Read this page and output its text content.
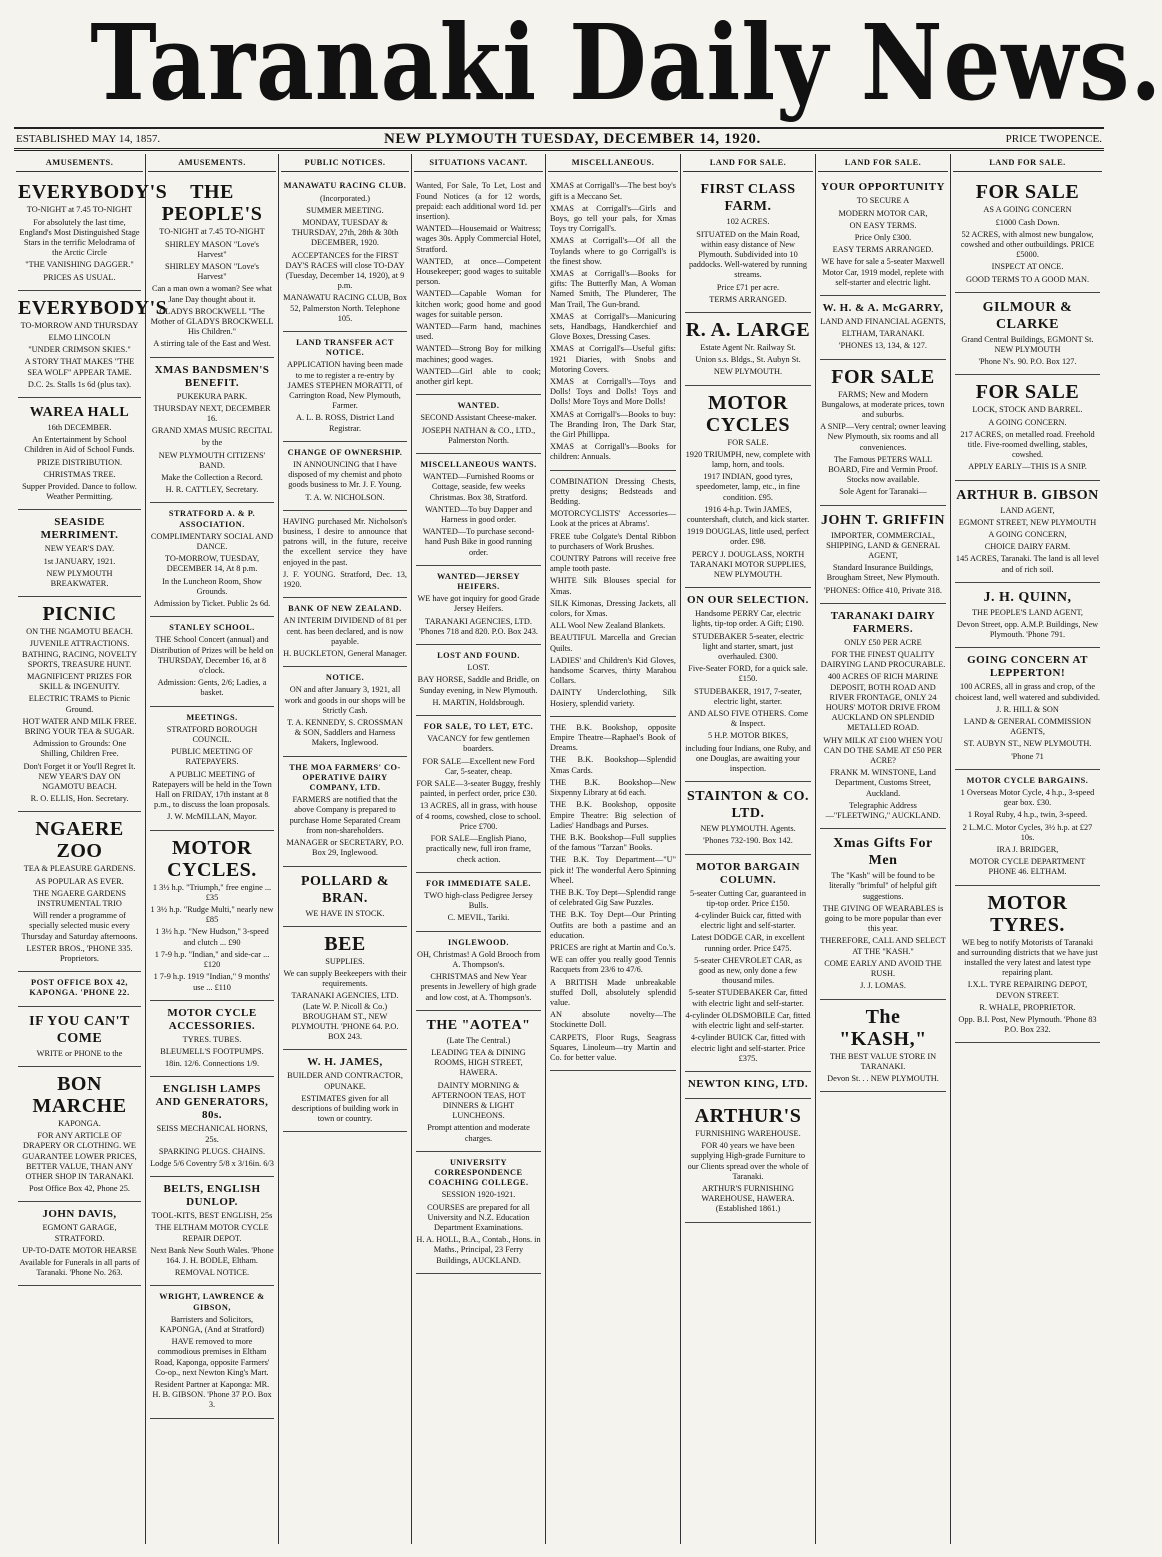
Taranaki Daily News.
ESTABLISHED MAY 14, 1857.	NEW PLYMOUTH TUESDAY, DECEMBER 14, 1920.	PRICE TWOPENCE.
AMUSEMENTS.
EVERYBODY'S

TO-NIGHT at 7.45 TO-NIGHT

For absolutely the last time, England's Most Distinguished Stage Stars in the terrific Melodrama of the Arctic Circle

"THE VANISHING DAGGER."

PRICES AS USUAL.

EVERYBODY'S

TO-MORROW AND THURSDAY

ELMO LINCOLN

"UNDER CRIMSON SKIES."

A STORY THAT MAKES "THE SEA WOLF" APPEAR TAME.

D.C. 2s. Stalls 1s 6d (plus tax).

WAREA HALL

16th DECEMBER.

An Entertainment by School Children in Aid of School Funds.

PRIZE DISTRIBUTION.

CHRISTMAS TREE.

Supper Provided. Dance to follow. Weather Permitting.

SEASIDE MERRIMENT.

NEW YEAR'S DAY.

1st JANUARY, 1921.

NEW PLYMOUTH BREAKWATER.

PICNIC

ON THE NGAMOTU BEACH.

JUVENILE ATTRACTIONS. BATHING, RACING, NOVELTY SPORTS, TREASURE HUNT.

MAGNIFICENT PRIZES FOR SKILL & INGENUITY.

ELECTRIC TRAMS to Picnic Ground.

HOT WATER AND MILK FREE. BRING YOUR TEA & SUGAR.

Admission to Grounds: One Shilling, Children Free.

Don't Forget it or You'll Regret It. NEW YEAR'S DAY ON NGAMOTU BEACH.

R. O. ELLIS, Hon. Secretary.

NGAERE ZOO

TEA & PLEASURE GARDENS.

AS POPULAR AS EVER.

THE NGAERE GARDENS INSTRUMENTAL TRIO

Will render a programme of specially selected music every Thursday and Saturday afternoons.

LESTER BROS., 'PHONE 335. Proprietors.

POST OFFICE BOX 42, KAPONGA. 'PHONE 22.
IF YOU CAN'T COME

WRITE or PHONE to the

BON MARCHE

KAPONGA.

FOR ANY ARTICLE OF DRAPERY OR CLOTHING. WE GUARANTEE LOWER PRICES, BETTER VALUE, THAN ANY OTHER SHOP IN TARANAKI.

Post Office Box 42, Phone 25.

JOHN DAVIS,

EGMONT GARAGE, STRATFORD.

UP-TO-DATE MOTOR HEARSE

Available for Funerals in all parts of Taranaki. 'Phone No. 263.

AMUSEMENTS.
THE PEOPLE'S

TO-NIGHT at 7.45 TO-NIGHT

SHIRLEY MASON "Love's Harvest"

SHIRLEY MASON "Love's Harvest"

Can a man own a woman? See what Jane Day thought about it.

GLADYS BROCKWELL "The Mother of GLADYS BROCKWELL His Children."

A stirring tale of the East and West.

XMAS BANDSMEN'S BENEFIT.

PUKEKURA PARK.

THURSDAY NEXT, DECEMBER 16.

GRAND XMAS MUSIC RECITAL

by the

NEW PLYMOUTH CITIZENS' BAND.

Make the Collection a Record.

H. R. CATTLEY, Secretary.

STRATFORD A. & P. ASSOCIATION.

COMPLIMENTARY SOCIAL AND DANCE.

TO-MORROW, TUESDAY, DECEMBER 14, At 8 p.m.

In the Luncheon Room, Show Grounds.

Admission by Ticket. Public 2s 6d.

STANLEY SCHOOL.

THE School Concert (annual) and Distribution of Prizes will be held on THURSDAY, December 16, at 8 o'clock.

Admission: Gents, 2/6; Ladies, a basket.

MEETINGS.

STRATFORD BOROUGH COUNCIL.

PUBLIC MEETING OF RATEPAYERS.

A PUBLIC MEETING of Ratepayers will be held in the Town Hall on FRIDAY, 17th instant at 8 p.m., to discuss the loan proposals.

J. W. McMILLAN, Mayor.

MOTOR CYCLES.

1 3½ h.p. "Triumph," free engine ... £35

1 3½ h.p. "Rudge Multi," nearly new £85

1 3½ h.p. "New Hudson," 3-speed and clutch ... £90

1 7-9 h.p. "Indian," and side-car ... £120

1 7-9 h.p. 1919 "Indian," 9 months' use ... £110

MOTOR CYCLE ACCESSORIES.

TYRES. TUBES.

BLEUMELL'S FOOTPUMPS.

18in. 12/6. Connections 1/9.

ENGLISH LAMPS AND GENERATORS, 80s.

SEISS MECHANICAL HORNS, 25s.

SPARKING PLUGS. CHAINS.

Lodge 5/6 Coventry 5/8 x 3/16in. 6/3

BELTS, ENGLISH DUNLOP.

TOOL-KITS, BEST ENGLISH, 25s

THE ELTHAM MOTOR CYCLE REPAIR DEPOT.

Next Bank New South Wales. 'Phone 164. J. H. BODLE, Eltham.

REMOVAL NOTICE.

WRIGHT, LAWRENCE & GIBSON,

Barristers and Solicitors, KAPONGA, (And at Stratford)

HAVE removed to more commodious premises in Eltham Road, Kaponga, opposite Farmers' Co-op., next Newton King's Mart.

Resident Partner at Kaponga: MR. H. B. GIBSON. 'Phone 37 P.O. Box 3.

PUBLIC NOTICES.
MANAWATU RACING CLUB.

(Incorporated.)

SUMMER MEETING.

MONDAY, TUESDAY & THURSDAY, 27th, 28th & 30th DECEMBER, 1920.

ACCEPTANCES for the FIRST DAY'S RACES will close TO-DAY (Tuesday, December 14, 1920), at 9 p.m.

MANAWATU RACING CLUB, Box 52, Palmerston North. Telephone 105.

LAND TRANSFER ACT NOTICE.

APPLICATION having been made to me to register a re-entry by JAMES STEPHEN MORATTI, of Carrington Road, New Plymouth, Farmer.

A. L. B. ROSS, District Land Registrar.

CHANGE OF OWNERSHIP.

IN ANNOUNCING that I have disposed of my chemist and photo goods business to Mr. J. F. Young.

T. A. W. NICHOLSON.

HAVING purchased Mr. Nicholson's business, I desire to announce that patrons will, in the future, receive the excellent service they have enjoyed in the past.

J. F. YOUNG. Stratford, Dec. 13, 1920.

BANK OF NEW ZEALAND.

AN INTERIM DIVIDEND of 81 per cent. has been declared, and is now payable.

H. BUCKLETON, General Manager.

NOTICE.

ON and after January 3, 1921, all work and goods in our shops will be Strictly Cash.

T. A. KENNEDY, S. CROSSMAN & SON, Saddlers and Harness Makers, Inglewood.

THE MOA FARMERS' CO-OPERATIVE DAIRY COMPANY, LTD.

FARMERS are notified that the above Company is prepared to purchase Home Separated Cream from non-shareholders.

MANAGER or SECRETARY, P.O. Box 29, Inglewood.

POLLARD & BRAN.

WE HAVE IN STOCK.

BEE

SUPPLIES.

We can supply Beekeepers with their requirements.

TARANAKI AGENCIES, LTD. (Late W. P. Nicoll & Co.) BROUGHAM ST., NEW PLYMOUTH. 'PHONE 64. P.O. BOX 243.

W. H. JAMES,

BUILDER AND CONTRACTOR, OPUNAKE.

ESTIMATES given for all descriptions of building work in town or country.

SITUATIONS VACANT.

Wanted, For Sale, To Let, Lost and Found Notices (a for 12 words, prepaid: each additional word 1d. per insertion).

WANTED—Housemaid or Waitress; wages 30s. Apply Commercial Hotel, Stratford.

WANTED, at once—Competent Housekeeper; good wages to suitable person.

WANTED—Capable Woman for kitchen work; good home and good wages for suitable person.

WANTED—Farm hand, machines used.

WANTED—Strong Boy for milking machines; good wages.

WANTED—Girl able to cook; another girl kept.

WANTED.

SECOND Assistant Cheese-maker.

JOSEPH NATHAN & CO., LTD., Palmerston North.

MISCELLANEOUS WANTS.

WANTED—Furnished Rooms or Cottage, seaside, few weeks Christmas. Box 38, Stratford.

WANTED—To buy Dapper and Harness in good order.

WANTED—To purchase second-hand Push Bike in good running order.

WANTED—JERSEY HEIFERS.

WE have got inquiry for good Grade Jersey Heifers.

TARANAKI AGENCIES, LTD. 'Phones 718 and 820. P.O. Box 243.

LOST AND FOUND.

LOST.

BAY HORSE, Saddle and Bridle, on Sunday evening, in New Plymouth.

H. MARTIN, Holdsbrough.

FOR SALE, TO LET, ETC.

VACANCY for few gentlemen boarders.

FOR SALE—Excellent new Ford Car, 5-seater, cheap.

FOR SALE—3-seater Buggy, freshly painted, in perfect order, price £30.

13 ACRES, all in grass, with house of 4 rooms, cowshed, close to school. Price £700.

FOR SALE—English Piano, practically new, full iron frame, check action.

FOR IMMEDIATE SALE.

TWO high-class Pedigree Jersey Bulls.

C. MEVIL, Tariki.

INGLEWOOD.

OH, Christmas! A Gold Brooch from A. Thompson's.

CHRISTMAS and New Year presents in Jewellery of high grade and low cost, at A. Thompson's.

THE "AOTEA"

(Late The Central.)

LEADING TEA & DINING ROOMS, HIGH STREET, HAWERA.

DAINTY MORNING & AFTERNOON TEAS, HOT DINNERS & LIGHT LUNCHEONS.

Prompt attention and moderate charges.

UNIVERSITY CORRESPONDENCE COACHING COLLEGE.

SESSION 1920-1921.

COURSES are prepared for all University and N.Z. Education Department Examinations.

H. A. HOLL, B.A., Contab., Hons. in Maths., Principal, 23 Ferry Buildings, AUCKLAND.

MISCELLANEOUS.

XMAS at Corrigall's—The best boy's gift is a Meccano Set.

XMAS at Corrigall's—Girls and Boys, go tell your pals, for Xmas Toys try Corrigall's.

XMAS at Corrigall's—Of all the Toylands where to go Corrigall's is the finest show.

XMAS at Corrigall's—Books for gifts: The Butterfly Man, A Woman Named Smith, The Plunderer, The Man Trail, The Gun-brand.

XMAS at Corrigall's—Manicuring sets, Handbags, Handkerchief and Glove Boxes, Dressing Cases.

XMAS at Corrigall's—Useful gifts: 1921 Diaries, with Snobs and Motoring Covers.

XMAS at Corrigall's—Toys and Dolls! Toys and Dolls! Toys and Dolls! More Toys and More Dolls!

XMAS at Corrigall's—Books to buy: The Branding Iron, The Dark Star, the Girl Phillippa.

XMAS at Corrigall's—Books for children: Annuals.

COMBINATION Dressing Chests, pretty designs; Bedsteads and Bedding.

MOTORCYCLISTS' Accessories—Look at the prices at Abrams'.

FREE tube Colgate's Dental Ribbon to purchasers of Work Brushes.

COUNTRY Patrons will receive free ample tooth paste.

WHITE Silk Blouses special for Xmas.

SILK Kimonas, Dressing Jackets, all colors, for Xmas.

ALL Wool New Zealand Blankets.

BEAUTIFUL Marcella and Grecian Quilts.

LADIES' and Children's Kid Gloves, handsome Scarves, thirty Marabou Collars.

DAINTY Underclothing, Silk Hosiery, splendid variety.

THE B.K. Bookshop, opposite Empire Theatre—Raphael's Book of Dreams.

THE B.K. Bookshop—Splendid Xmas Cards.

THE B.K. Bookshop—New Sixpenny Library at 6d each.

THE B.K. Bookshop, opposite Empire Theatre: Big selection of Ladies' Handbags and Purses.

THE B.K. Bookshop—Full supplies of the famous "Tarzan" Books.

THE B.K. Toy Department—"U" pick it! The wonderful Aero Spinning Wheel.

THE B.K. Toy Dept—Splendid range of celebrated Gig Saw Puzzles.

THE B.K. Toy Dept—Our Printing Outfits are both a pastime and an education.

PRICES are right at Martin and Co.'s.

WE can offer you really good Tennis Racquets from 23/6 to 47/6.

A BRITISH Made unbreakable stuffed Doll, absolutely splendid value.

AN absolute novelty—The Stockinette Doll.

CARPETS, Floor Rugs, Seagrass Squares, Linoleum—try Martin and Co. for better value.

LAND FOR SALE.
FIRST CLASS FARM.

102 ACRES.

SITUATED on the Main Road, within easy distance of New Plymouth. Subdivided into 10 paddocks. Well-watered by running streams.

Price £71 per acre.

TERMS ARRANGED.

R. A. LARGE

Estate Agent Nr. Railway St.

Union s.s. Bldgs., St. Aubyn St.

NEW PLYMOUTH.

MOTOR CYCLES

FOR SALE.

1920 TRIUMPH, new, complete with lamp, horn, and tools.

1917 INDIAN, good tyres, speedometer, lamp, etc., in fine condition. £95.

1916 4-h.p. Twin JAMES, countershaft, clutch, and kick starter.

1919 DOUGLAS, little used, perfect order. £98.

PERCY J. DOUGLASS, NORTH TARANAKI MOTOR SUPPLIES, NEW PLYMOUTH.

ON OUR SELECTION.

Handsome PERRY Car, electric lights, tip-top order. A Gift; £190.

STUDEBAKER 5-seater, electric light and starter, smart, just overhauled. £300.

Five-Seater FORD, for a quick sale. £150.

STUDEBAKER, 1917, 7-seater, electric light, starter.

AND ALSO FIVE OTHERS. Come & Inspect.

5 H.P. MOTOR BIKES,

including four Indians, one Ruby, and one Douglas, are awaiting your inspection.

STAINTON & CO. LTD.

NEW PLYMOUTH. Agents.

'Phones 732-190. Box 142.

MOTOR BARGAIN COLUMN.

5-seater Cutting Car, guaranteed in tip-top order. Price £150.

4-cylinder Buick car, fitted with electric light and self-starter.

Latest DODGE CAR, in excellent running order. Price £475.

5-seater CHEVROLET CAR, as good as new, only done a few thousand miles.

5-seater STUDEBAKER Car, fitted with electric light and self-starter.

4-cylinder OLDSMOBILE Car, fitted with electric light and self-starter.

4-cylinder BUICK Car, fitted with electric light and self-starter. Price £375.

NEWTON KING, LTD.
ARTHUR'S

FURNISHING WAREHOUSE.

FOR 40 years we have been supplying High-grade Furniture to our Clients spread over the whole of Taranaki.

ARTHUR'S FURNISHING WAREHOUSE, HAWERA. (Established 1861.)

LAND FOR SALE.
YOUR OPPORTUNITY

TO SECURE A

MODERN MOTOR CAR,

ON EASY TERMS.

Price Only £300.

EASY TERMS ARRANGED.

WE have for sale a 5-seater Maxwell Motor Car, 1919 model, replete with self-starter and electric light.

W. H. & A. McGARRY,

LAND AND FINANCIAL AGENTS,

ELTHAM, TARANAKI.

'PHONES 13, 134, & 127.

FOR SALE

FARMS; New and Modern Bungalows, at moderate prices, town and suburbs.

A SNIP—Very central; owner leaving New Plymouth, six rooms and all conveniences.

The Famous PETERS WALL BOARD, Fire and Vermin Proof. Stocks now available.

Sole Agent for Taranaki—

JOHN T. GRIFFIN

IMPORTER, COMMERCIAL, SHIPPING, LAND & GENERAL AGENT,

Standard Insurance Buildings, Brougham Street, New Plymouth.

'PHONES: Office 410, Private 318.

TARANAKI DAIRY FARMERS.

ONLY £50 PER ACRE

FOR THE FINEST QUALITY DAIRYING LAND PROCURABLE.

400 ACRES OF RICH MARINE DEPOSIT, BOTH ROAD AND RIVER FRONTAGE, ONLY 24 HOURS' MOTOR DRIVE FROM AUCKLAND ON SPLENDID METALLED ROAD.

WHY MILK AT £100 WHEN YOU CAN DO THE SAME AT £50 PER ACRE?

FRANK M. WINSTONE, Land Department, Customs Street, Auckland.

Telegraphic Address—"FLEETWING," AUCKLAND.

Xmas Gifts For Men

The "Kash" will be found to be literally "brimful" of helpful gift suggestions.

THE GIVING OF WEARABLES is going to be more popular than ever this year.

THEREFORE, CALL AND SELECT AT THE "KASH."

COME EARLY AND AVOID THE RUSH.

J. J. LOMAS.

The "KASH,"

THE BEST VALUE STORE IN TARANAKI.

Devon St. . . NEW PLYMOUTH.

LAND FOR SALE.
FOR SALE

AS A GOING CONCERN

£1000 Cash Down.

52 ACRES, with almost new bungalow, cowshed and other outbuildings. PRICE £5000.

INSPECT AT ONCE.

GOOD TERMS TO A GOOD MAN.

GILMOUR & CLARKE

Grand Central Buildings, EGMONT St. NEW PLYMOUTH

'Phone N's. 90. P.O. Box 127.

FOR SALE

LOCK, STOCK AND BARREL.

A GOING CONCERN.

217 ACRES, on metalled road. Freehold title. Five-roomed dwelling, stables, cowshed.

APPLY EARLY—THIS IS A SNIP.

ARTHUR B. GIBSON

LAND AGENT,

EGMONT STREET, NEW PLYMOUTH

A GOING CONCERN,

CHOICE DAIRY FARM.

145 ACRES, Taranaki. The land is all level and of rich soil.

J. H. QUINN,

THE PEOPLE'S LAND AGENT,

Devon Street, opp. A.M.P. Buildings, New Plymouth. 'Phone 791.

GOING CONCERN AT LEPPERTON!

100 ACRES, all in grass and crop, of the choicest land, well watered and subdivided.

J. R. HILL & SON

LAND & GENERAL COMMISSION AGENTS,

ST. AUBYN ST., NEW PLYMOUTH.

'Phone 71

MOTOR CYCLE BARGAINS.

1 Overseas Motor Cycle, 4 h.p., 3-speed gear box. £30.

1 Royal Ruby, 4 h.p., twin, 3-speed.

2 L.M.C. Motor Cycles, 3½ h.p. at £27 10s.

IRA J. BRIDGER,

MOTOR CYCLE DEPARTMENT PHONE 46. ELTHAM.

MOTOR TYRES.

WE beg to notify Motorists of Taranaki and surrounding districts that we have just installed the very latest and latest type repairing plant.

I.X.L. TYRE REPAIRING DEPOT, DEVON STREET.

R. WHALE, PROPRIETOR.

Opp. B.I. Post, New Plymouth. 'Phone 83 P.O. Box 232.
